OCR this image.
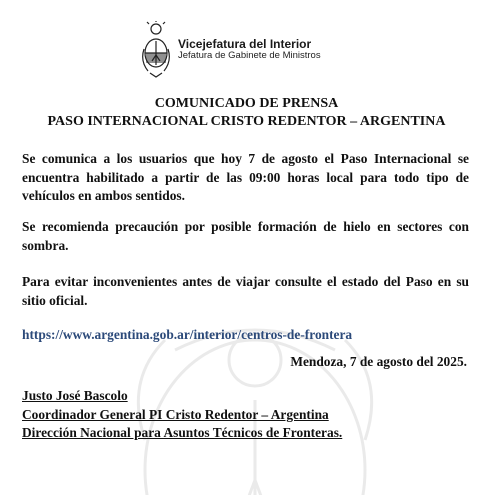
Vicejefatura del Interior
Jefatura de Gabinete de Ministros
COMUNICADO DE PRENSA
PASO INTERNACIONAL CRISTO REDENTOR – ARGENTINA
Se comunica a los usuarios que hoy 7 de agosto el Paso Internacional se encuentra habilitado a partir de las 09:00 horas local para todo tipo de vehículos en ambos sentidos.
Se recomienda precaución por posible formación de hielo en sectores con sombra.
Para evitar inconvenientes antes de viajar consulte el estado del Paso en su sitio oficial.
https://www.argentina.gob.ar/interior/centros-de-frontera
Mendoza, 7 de agosto del 2025.
Justo José Bascolo
Coordinador General PI Cristo Redentor – Argentina
Dirección Nacional para Asuntos Técnicos de Fronteras.
